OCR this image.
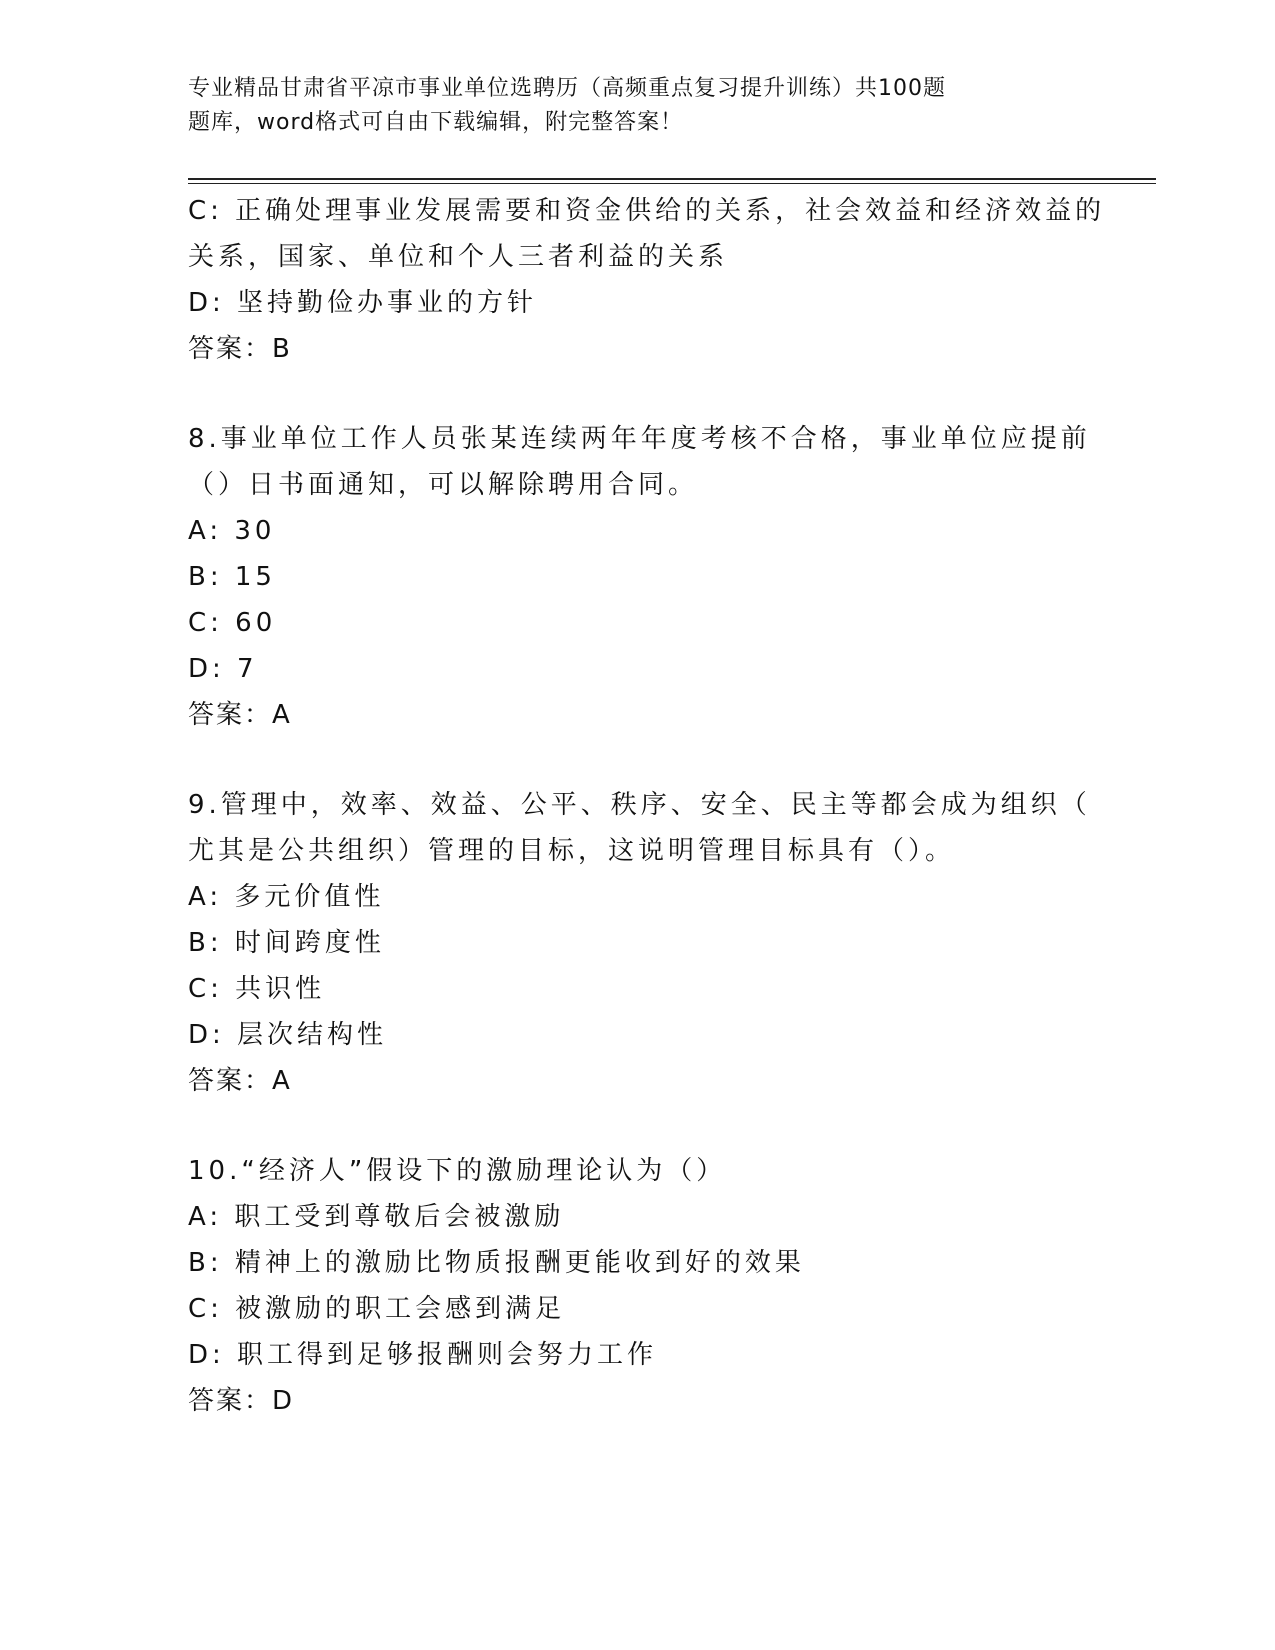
专业精品甘肃省平凉市事业单位选聘历（高频重点复习提升训练）共100题
题库，word格式可自由下载编辑，附完整答案！
C: 正确处理事业发展需要和资金供给的关系，社会效益和经济效益的
关系，国家、单位和个人三者利益的关系
D: 坚持勤俭办事业的方针
答案：B
8.事业单位工作人员张某连续两年年度考核不合格，事业单位应提前
（）日书面通知，可以解除聘用合同。
A: 30
B: 15
C: 60
D: 7
答案：A
9.管理中，效率、效益、公平、秩序、安全、民主等都会成为组织（
尤其是公共组织）管理的目标，这说明管理目标具有（）。
A: 多元价值性
B: 时间跨度性
C: 共识性
D: 层次结构性
答案：A
10.“经济人”假设下的激励理论认为（）
A: 职工受到尊敬后会被激励
B: 精神上的激励比物质报酬更能收到好的效果
C: 被激励的职工会感到满足
D: 职工得到足够报酬则会努力工作
答案：D
